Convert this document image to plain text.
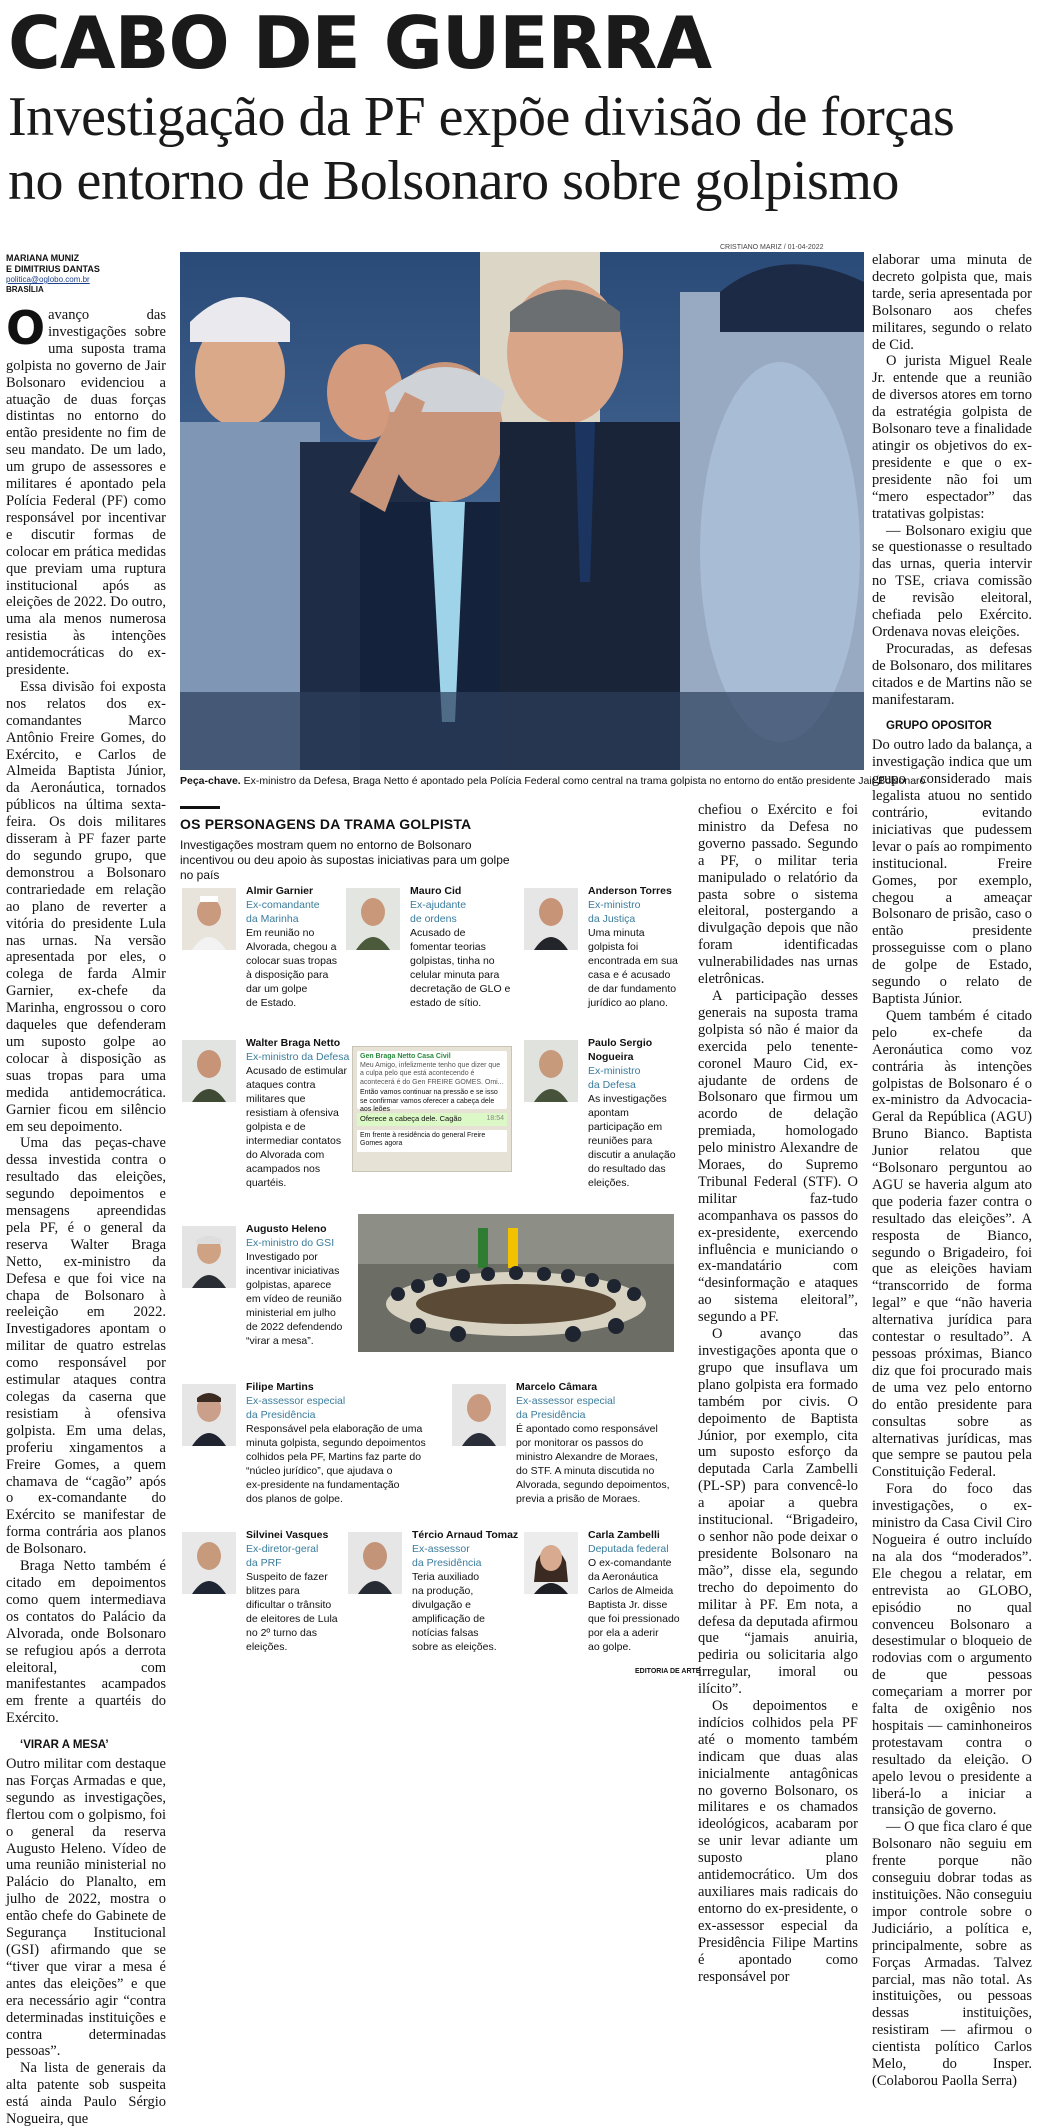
CABO DE GUERRA
Investigação da PF expõe divisão de forças
no entorno de Bolsonaro sobre golpismo
MARIANA MUNIZ
E DIMITRIUS DANTAS
politica@oglobo.com.br
BRASÍLIA

Oavanço das investigações sobre uma suposta trama golpista no governo de Jair Bolsonaro evidenciou a atuação de duas forças distintas no entorno do então presidente no fim de seu mandato. De um lado, um grupo de assessores e militares é apontado pela Polícia Federal (PF) como responsável por incentivar e discutir formas de colocar em prática medidas que previam uma ruptura institucional após as eleições de 2022. Do outro, uma ala menos numerosa resistia às intenções antidemocráticas do ex-presidente.

Essa divisão foi exposta nos relatos dos ex-comandantes Marco Antônio Freire Gomes, do Exército, e Carlos de Almeida Baptista Júnior, da Aeronáutica, tornados públicos na última sexta-feira. Os dois militares disseram à PF fazer parte do segundo grupo, que demonstrou a Bolsonaro contrariedade em relação ao plano de reverter a vitória do presidente Lula nas urnas. Na versão apresentada por eles, o colega de farda Almir Garnier, ex-chefe da Marinha, engrossou o coro daqueles que defenderam um suposto golpe ao colocar à disposição as suas tropas para uma medida antidemocrática. Garnier ficou em silêncio em seu depoimento.

Uma das peças-chave dessa investida contra o resultado das eleições, segundo depoimentos e mensagens apreendidas pela PF, é o general da reserva Walter Braga Netto, ex-ministro da Defesa e que foi vice na chapa de Bolsonaro à reeleição em 2022. Investigadores apontam o militar de quatro estrelas como responsável por estimular ataques contra colegas da caserna que resistiam à ofensiva golpista. Em uma delas, proferiu xingamentos a Freire Gomes, a quem chamava de “cagão” após o ex-comandante do Exército se manifestar de forma contrária aos planos de Bolsonaro.

Braga Netto também é citado em depoimentos como quem intermediava os contatos do Palácio da Alvorada, onde Bolsonaro se refugiou após a derrota eleitoral, com manifestantes acampados em frente a quartéis do Exército.

‘VIRAR A MESA’

Outro militar com destaque nas Forças Armadas e que, segundo as investigações, flertou com o golpismo, foi o general da reserva Augusto Heleno. Vídeo de uma reunião ministerial no Palácio do Planalto, em julho de 2022, mostra o então chefe do Gabinete de Segurança Institucional (GSI) afirmando que se “tiver que virar a mesa é antes das eleições” e que era necessário agir “contra determinadas instituições e contra determinadas pessoas”.

Na lista de generais da alta patente sob suspeita está ainda Paulo Sérgio Nogueira, que

CRISTIANO MARIZ / 01-04-2022
Peça-chave. Ex-ministro da Defesa, Braga Netto é apontado pela Polícia Federal como central na trama golpista no entorno do então presidente Jair Bolsonaro
OS PERSONAGENS DA TRAMA GOLPISTA
Investigações mostram quem no entorno de Bolsonaro incentivou ou deu apoio às supostas iniciativas para um golpe no país
Almir Garnier
Ex-comandante
da Marinha
Em reunião no
Alvorada, chegou a
colocar suas tropas
à disposição para
dar um golpe
de Estado.
Mauro Cid
Ex-ajudante
de ordens
Acusado de
fomentar teorias
golpistas, tinha no
celular minuta para
decretação de GLO e
estado de sítio.
Anderson Torres
Ex-ministro
da Justiça
Uma minuta
golpista foi
encontrada em sua
casa e é acusado
de dar fundamento
jurídico ao plano.
Walter Braga Netto
Ex-ministro da Defesa
Acusado de estimular
ataques contra
militares que
resistiam à ofensiva
golpista e de
intermediar contatos
do Alvorada com
acampados nos
quartéis.
Gen Braga Netto Casa Civil
Meu Amigo, infelizmente tenho que dizer que a culpa pelo que está acontecendo é acontecerá é do Gen FREIRE GOMES. Omi...
Então vamos continuar na pressão e se isso se confirmar vamos oferecer a cabeça dele aos leões
18:54
Oferece a cabeça dele. Cagão
Em frente à residência do general Freire Gomes agora
Paulo Sergio
Nogueira
Ex-ministro
da Defesa
As investigações
apontam
participação em
reuniões para
discutir a anulação
do resultado das
eleições.
Augusto Heleno
Ex-ministro do GSI
Investigado por
incentivar iniciativas
golpistas, aparece
em vídeo de reunião
ministerial em julho
de 2022 defendendo
“virar a mesa”.
Filipe Martins
Ex-assessor especial
da Presidência
Responsável pela elaboração de uma
minuta golpista, segundo depoimentos
colhidos pela PF, Martins faz parte do
“núcleo jurídico”, que ajudava o
ex-presidente na fundamentação
dos planos de golpe.
Marcelo Câmara
Ex-assessor especial
da Presidência
É apontado como responsável
por monitorar os passos do
ministro Alexandre de Moraes,
do STF. A minuta discutida no
Alvorada, segundo depoimentos,
previa a prisão de Moraes.
Silvinei Vasques
Ex-diretor-geral
da PRF
Suspeito de fazer
blitzes para
dificultar o trânsito
de eleitores de Lula
no 2º turno das
eleições.
Tércio Arnaud Tomaz
Ex-assessor
da Presidência
Teria auxiliado
na produção,
divulgação e
amplificação de
notícias falsas
sobre as eleições.
Carla Zambelli
Deputada federal
O ex-comandante
da Aeronáutica
Carlos de Almeida
Baptista Jr. disse
que foi pressionado
por ela a aderir
ao golpe.
EDITORIA DE ARTE

chefiou o Exército e foi ministro da Defesa no governo passado. Segundo a PF, o militar teria manipulado o relatório da pasta sobre o sistema eleitoral, postergando a divulgação depois que não foram identificadas vulnerabilidades nas urnas eletrônicas.

A participação desses generais na suposta trama golpista só não é maior da exercida pelo tenente-coronel Mauro Cid, ex-ajudante de ordens de Bolsonaro que firmou um acordo de delação premiada, homologado pelo ministro Alexandre de Moraes, do Supremo Tribunal Federal (STF). O militar faz-tudo acompanhava os passos do ex-presidente, exercendo influência e municiando o ex-mandatário com “desinformação e ataques ao sistema eleitoral”, segundo a PF.

O avanço das investigações aponta que o grupo que insuflava um plano golpista era formado também por civis. O depoimento de Baptista Júnior, por exemplo, cita um suposto esforço da deputada Carla Zambelli (PL-SP) para convencê-lo a apoiar a quebra institucional. “Brigadeiro, o senhor não pode deixar o presidente Bolsonaro na mão”, disse ela, segundo trecho do depoimento do militar à PF. Em nota, a defesa da deputada afirmou que “jamais anuiria, pediria ou solicitaria algo irregular, imoral ou ilícito”.

Os depoimentos e indícios colhidos pela PF até o momento também indicam que duas alas inicialmente antagônicas no governo Bolsonaro, os militares e os chamados ideológicos, acabaram por se unir levar adiante um suposto plano antidemocrático. Um dos auxiliares mais radicais do entorno do ex-presidente, o ex-assessor especial da Presidência Filipe Martins é apontado como responsável por

elaborar uma minuta de decreto golpista que, mais tarde, seria apresentada por Bolsonaro aos chefes militares, segundo o relato de Cid.

O jurista Miguel Reale Jr. entende que a reunião de diversos atores em torno da estratégia golpista de Bolsonaro teve a finalidade atingir os objetivos do ex-presidente e que o ex-presidente não foi um “mero espectador” das tratativas golpistas:

— Bolsonaro exigiu que se questionasse o resultado das urnas, queria intervir no TSE, criava comissão de revisão eleitoral, chefiada pelo Exército. Ordenava novas eleições.

Procuradas, as defesas de Bolsonaro, dos militares citados e de Martins não se manifestaram.

GRUPO OPOSITOR

Do outro lado da balança, a investigação indica que um grupo considerado mais legalista atuou no sentido contrário, evitando iniciativas que pudessem levar o país ao rompimento institucional. Freire Gomes, por exemplo, chegou a ameaçar Bolsonaro de prisão, caso o então presidente prosseguisse com o plano de golpe de Estado, segundo o relato de Baptista Júnior.

Quem também é citado pelo ex-chefe da Aeronáutica como voz contrária às intenções golpistas de Bolsonaro é o ex-ministro da Advocacia-Geral da República (AGU) Bruno Bianco. Baptista Junior relatou que “Bolsonaro perguntou ao AGU se haveria algum ato que poderia fazer contra o resultado das eleições”. A resposta de Bianco, segundo o Brigadeiro, foi que as eleições haviam “transcorrido de forma legal” e que “não haveria alternativa jurídica para contestar o resultado”. A pessoas próximas, Bianco diz que foi procurado mais de uma vez pelo entorno do então presidente para consultas sobre as alternativas jurídicas, mas que sempre se pautou pela Constituição Federal.

Fora do foco das investigações, o ex-ministro da Casa Civil Ciro Nogueira é outro incluído na ala dos “moderados”. Ele chegou a relatar, em entrevista ao GLOBO, episódio no qual convenceu Bolsonaro a desestimular o bloqueio de rodovias com o argumento de que pessoas começariam a morrer por falta de oxigênio nos hospitais — caminhoneiros protestavam contra o resultado da eleição. O apelo levou o presidente a liberá-lo a iniciar a transição de governo.

— O que fica claro é que Bolsonaro não seguiu em frente porque não conseguiu dobrar todas as instituições. Não conseguiu impor controle sobre o Judiciário, a política e, principalmente, sobre as Forças Armadas. Talvez parcial, mas não total. As instituições, ou pessoas dessas instituições, resistiram — afirmou o cientista político Carlos Melo, do Insper. (Colaborou Paolla Serra)
